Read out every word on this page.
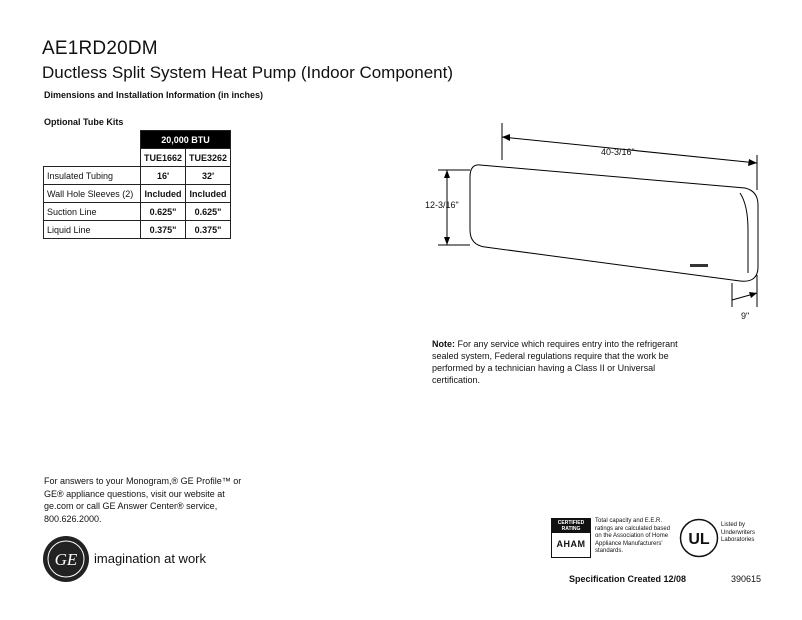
AE1RD20DM
Ductless Split System Heat Pump (Indoor Component)
Dimensions and Installation Information (in inches)
Optional Tube Kits
	20,000 BTU	
	TUE1662	TUE3262
Insulated Tubing	16'	32'
Wall Hole Sleeves (2)	Included	Included
Suction Line	0.625"	0.625"
Liquid Line	0.375"	0.375"
40-3/16"
12-3/16"
9"
Note: For any service which requires entry into the refrigerant sealed system, Federal regulations require that the work be performed by a technician having a Class II or Universal certification.
For answers to your Monogram,® GE Profile™ or GE® appliance questions, visit our website at ge.com or call GE Answer Center® service, 800.626.2000.
GE imagination at work
CERTIFIED RATING
AHAM
Total capacity and E.E.R. ratings are calculated based on the Association of Home Appliance Manufacturers' standards.
UL
Listed by Underwriters Laboratories
Specification Created 12/08	390615
